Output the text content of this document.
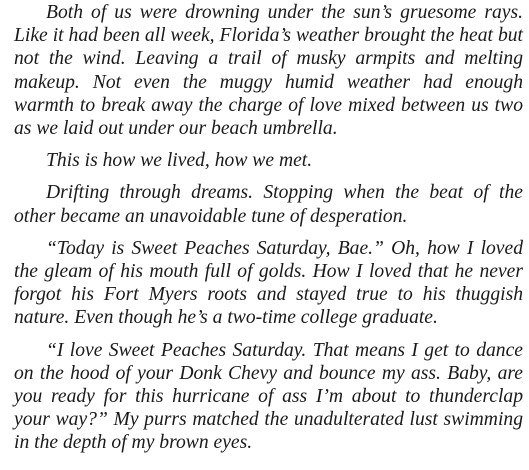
Both of us were drowning under the sun’s gruesome rays. Like it had been all week, Florida’s weather brought the heat but not the wind. Leaving a trail of musky armpits and melting makeup. Not even the muggy humid weather had enough warmth to break away the charge of love mixed between us two as we laid out under our beach umbrella.

This is how we lived, how we met.

Drifting through dreams. Stopping when the beat of the other became an unavoidable tune of desperation.

“Today is Sweet Peaches Saturday, Bae.” Oh, how I loved the gleam of his mouth full of golds. How I loved that he never forgot his Fort Myers roots and stayed true to his thuggish nature. Even though he’s a two-time college graduate.

“I love Sweet Peaches Saturday. That means I get to dance on the hood of your Donk Chevy and bounce my ass. Baby, are you ready for this hurricane of ass I’m about to thunderclap your way?” My purrs matched the unadulterated lust swimming in the depth of my brown eyes.
